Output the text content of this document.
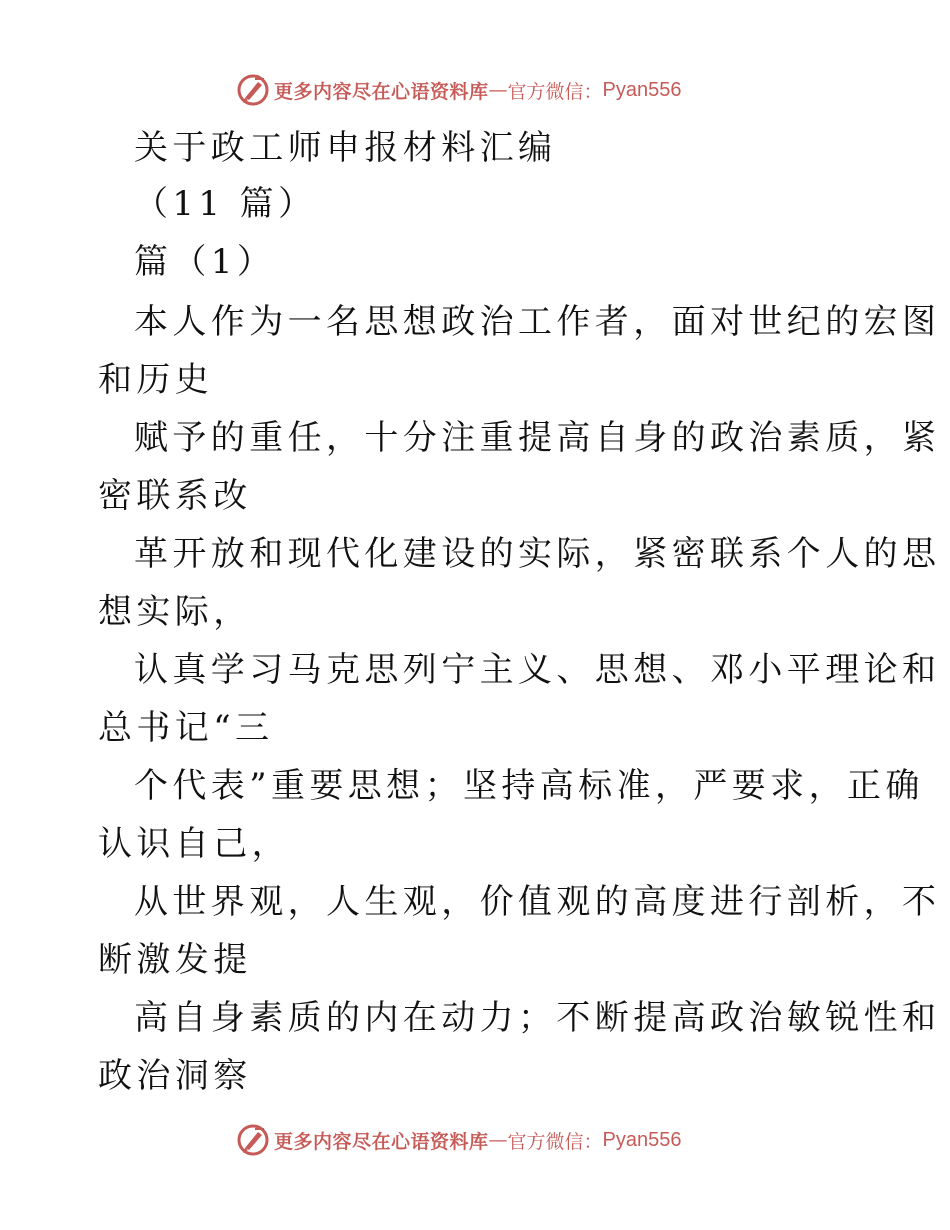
更多内容尽在心语资料库 — 官方微信： Pyan556
关于政工师申报材料汇编
（11 篇）
篇（1）
本人作为一名思想政治工作者，面对世纪的宏图
和历史
赋予的重任，十分注重提高自身的政治素质，紧
密联系改
革开放和现代化建设的实际，紧密联系个人的思
想实际，
认真学习马克思列宁主义、思想、邓小平理论和
总书记“三
个代表”重要思想；坚持高标准，严要求，正确
认识自己，
从世界观，人生观，价值观的高度进行剖析，不
断激发提
高自身素质的内在动力；不断提高政治敏锐性和
政治洞察
更多内容尽在心语资料库 — 官方微信： Pyan556
